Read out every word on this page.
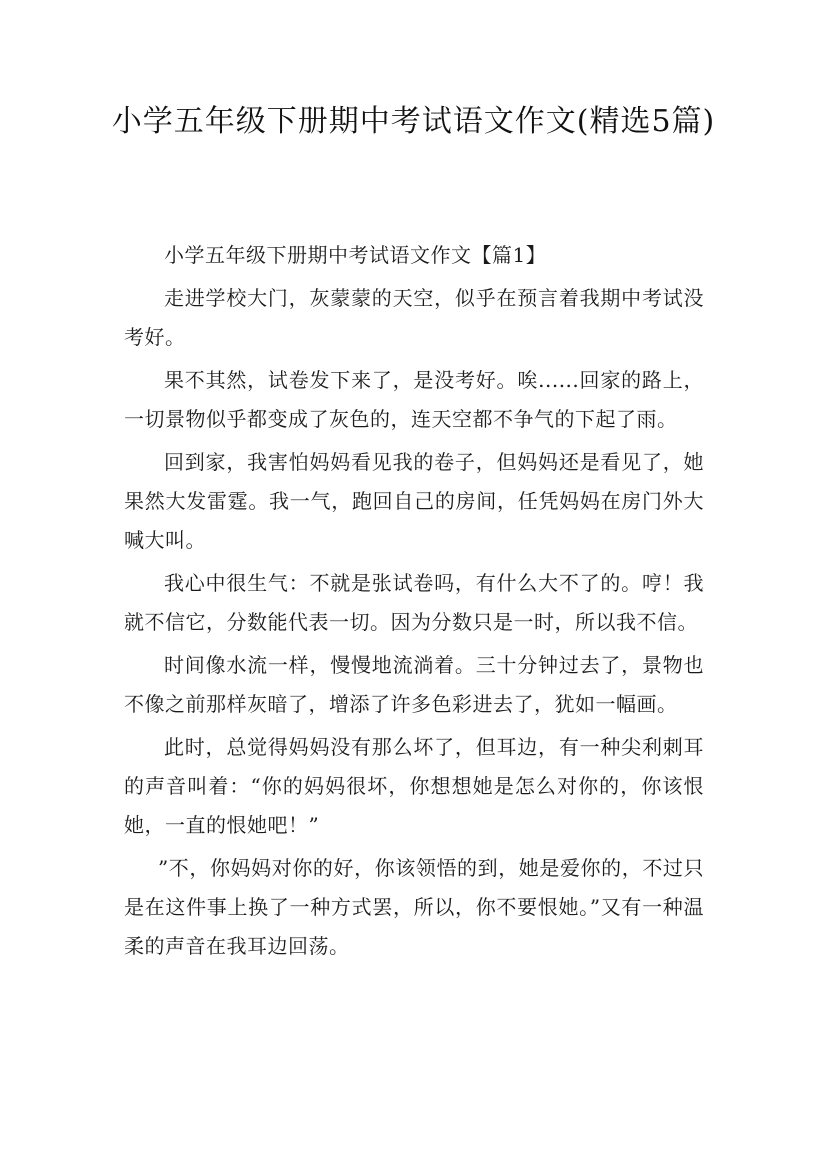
小学五年级下册期中考试语文作文(精选5篇)

小学五年级下册期中考试语文作文【篇1】

走进学校大门，灰蒙蒙的天空，似乎在预言着我期中考试没考好。

果不其然，试卷发下来了，是没考好。唉......回家的路上，一切景物似乎都变成了灰色的，连天空都不争气的下起了雨。

回到家，我害怕妈妈看见我的卷子，但妈妈还是看见了，她果然大发雷霆。我一气，跑回自己的房间，任凭妈妈在房门外大喊大叫。

我心中很生气：不就是张试卷吗，有什么大不了的。哼！我就不信它，分数能代表一切。因为分数只是一时，所以我不信。

时间像水流一样，慢慢地流淌着。三十分钟过去了，景物也不像之前那样灰暗了，增添了许多色彩进去了，犹如一幅画。

此时，总觉得妈妈没有那么坏了，但耳边，有一种尖利刺耳的声音叫着：“你的妈妈很坏，你想想她是怎么对你的，你该恨她，一直的恨她吧！”

”不，你妈妈对你的好，你该领悟的到，她是爱你的，不过只是在这件事上换了一种方式罢，所以，你不要恨她。”又有一种温柔的声音在我耳边回荡。
